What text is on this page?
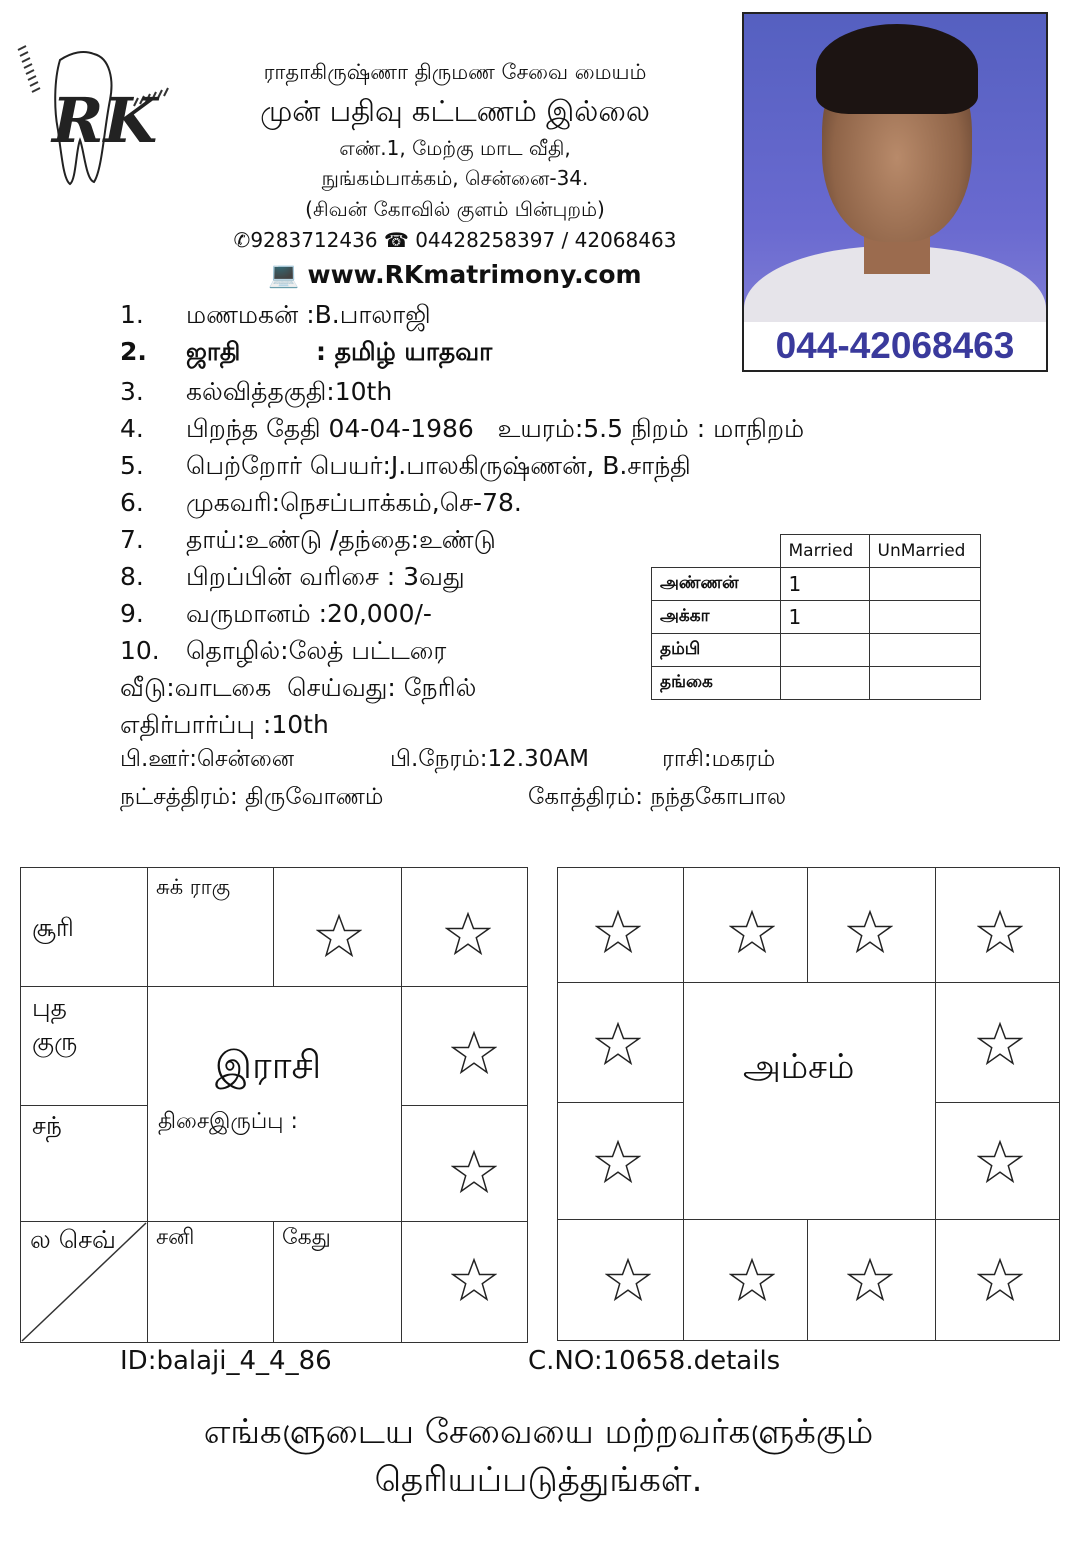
RK
ராதாகிருஷ்ணா திருமண சேவை மையம்
முன் பதிவு கட்டணம் இல்லை
எண்.1, மேற்கு மாட வீதி,
நுங்கம்பாக்கம், சென்னை-34.
(சிவன் கோவில் குளம் பின்புறம்)
✆9283712436 ☎ 04428258397 / 42068463
💻 www.RKmatrimony.com
044-42068463
1. மணமகன் :B.பாலாஜி
2. ஜாதி	: தமிழ் யாதவா
3. கல்வித்தகுதி:10th
4. பிறந்த தேதி 04-04-1986   உயரம்:5.5 நிறம் : மாநிறம்
5. பெற்றோர் பெயர்:J.பாலகிருஷ்ணன், B.சாந்தி
6. முகவரி:நெசப்பாக்கம்,செ-78.
7. தாய்:உண்டு /தந்தை:உண்டு
8. பிறப்பின் வரிசை : 3வது
9. வருமானம் :20,000/-
10. தொழில்:லேத் பட்டரை
வீடு:வாடகை  செய்வது: நேரில்
எதிர்பார்ப்பு :10th
பி.ஊர்:சென்னை	பி.நேரம்:12.30AM	ராசி:மகரம்
நட்சத்திரம்: திருவோணம்	கோத்திரம்: நந்தகோபால
	Married	UnMarried
அண்ணன்	1	
அக்கா	1	
தம்பி		
தங்கை		
சூரி
சுக் ராகு
புத
குரு
சந்
ல செவ் சனி	கேது
இராசி
திசைஇருப்பு :
அம்சம்
ID:balaji_4_4_86	C.NO:10658.details
எங்களுடைய சேவையை மற்றவர்களுக்கும்
தெரியப்படுத்துங்கள்.
